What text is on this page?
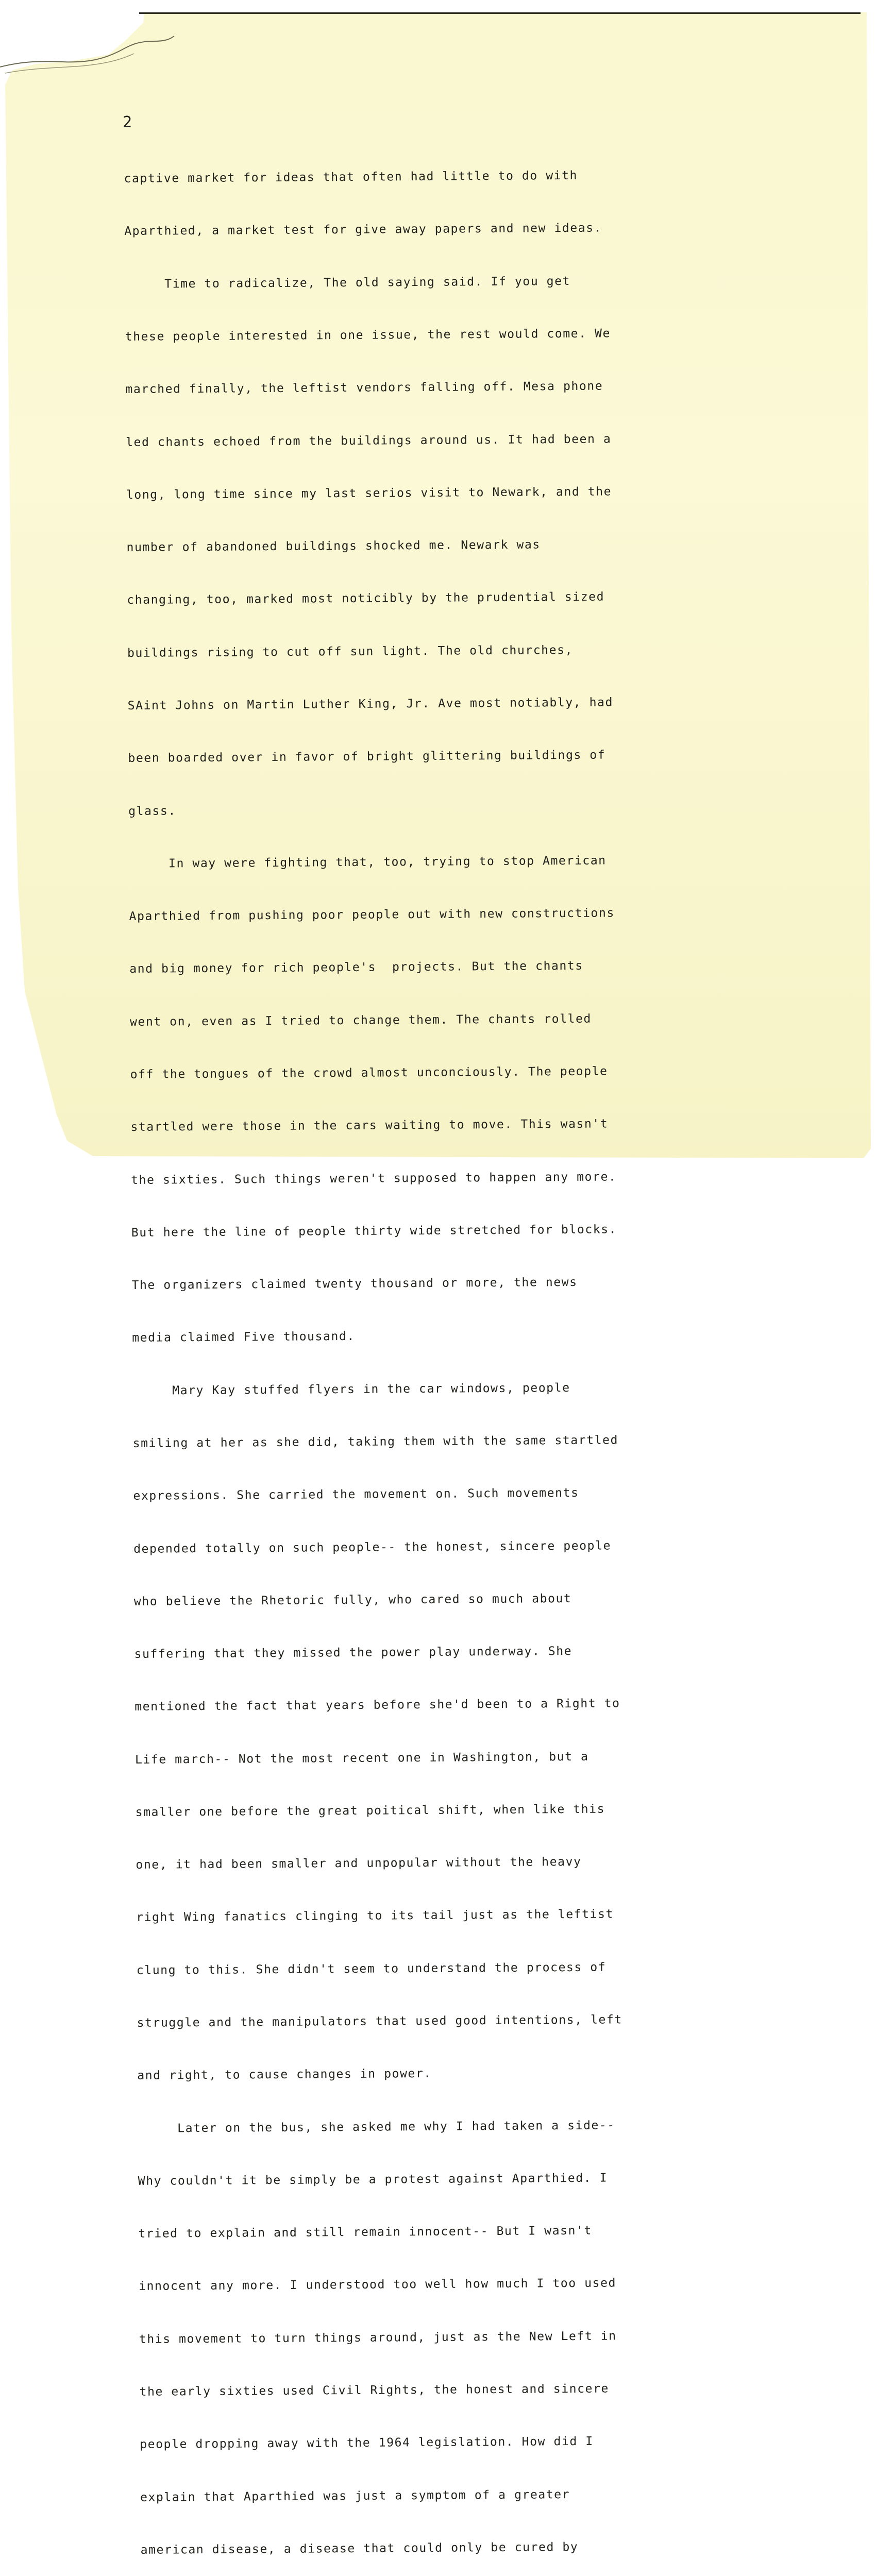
2

captive market for ideas that often had little to do with

Aparthied, a market test for give away papers and new ideas.

Time to radicalize, The old saying said. If you get

these people interested in one issue, the rest would come. We

marched finally, the leftist vendors falling off. Mesa phone

led chants echoed from the buildings around us. It had been a

long, long time since my last serios visit to Newark, and the

number of abandoned buildings shocked me. Newark was

changing, too, marked most noticibly by the prudential sized

buildings rising to cut off sun light. The old churches,

SAint Johns on Martin Luther King, Jr. Ave most notiably, had

been boarded over in favor of bright glittering buildings of

glass.

In way were fighting that, too, trying to stop American

Aparthied from pushing poor people out with new constructions

and big money for rich people's  projects. But the chants

went on, even as I tried to change them. The chants rolled

off the tongues of the crowd almost unconciously. The people

startled were those in the cars waiting to move. This wasn't

the sixties. Such things weren't supposed to happen any more.

But here the line of people thirty wide stretched for blocks.

The organizers claimed twenty thousand or more, the news

media claimed Five thousand.

Mary Kay stuffed flyers in the car windows, people

smiling at her as she did, taking them with the same startled

expressions. She carried the movement on. Such movements

depended totally on such people-- the honest, sincere people

who believe the Rhetoric fully, who cared so much about

suffering that they missed the power play underway. She

mentioned the fact that years before she'd been to a Right to

Life march-- Not the most recent one in Washington, but a

smaller one before the great poitical shift, when like this

one, it had been smaller and unpopular without the heavy

right Wing fanatics clinging to its tail just as the leftist

clung to this. She didn't seem to understand the process of

struggle and the manipulators that used good intentions, left

and right, to cause changes in power.

Later on the bus, she asked me why I had taken a side--

Why couldn't it be simply be a protest against Aparthied. I

tried to explain and still remain innocent-- But I wasn't

innocent any more. I understood too well how much I too used

this movement to turn things around, just as the New Left in

the early sixties used Civil Rights, the honest and sincere

people dropping away with the 1964 legislation. How did I

explain that Aparthied was just a symptom of a greater

american disease, a disease that could only be cured by
